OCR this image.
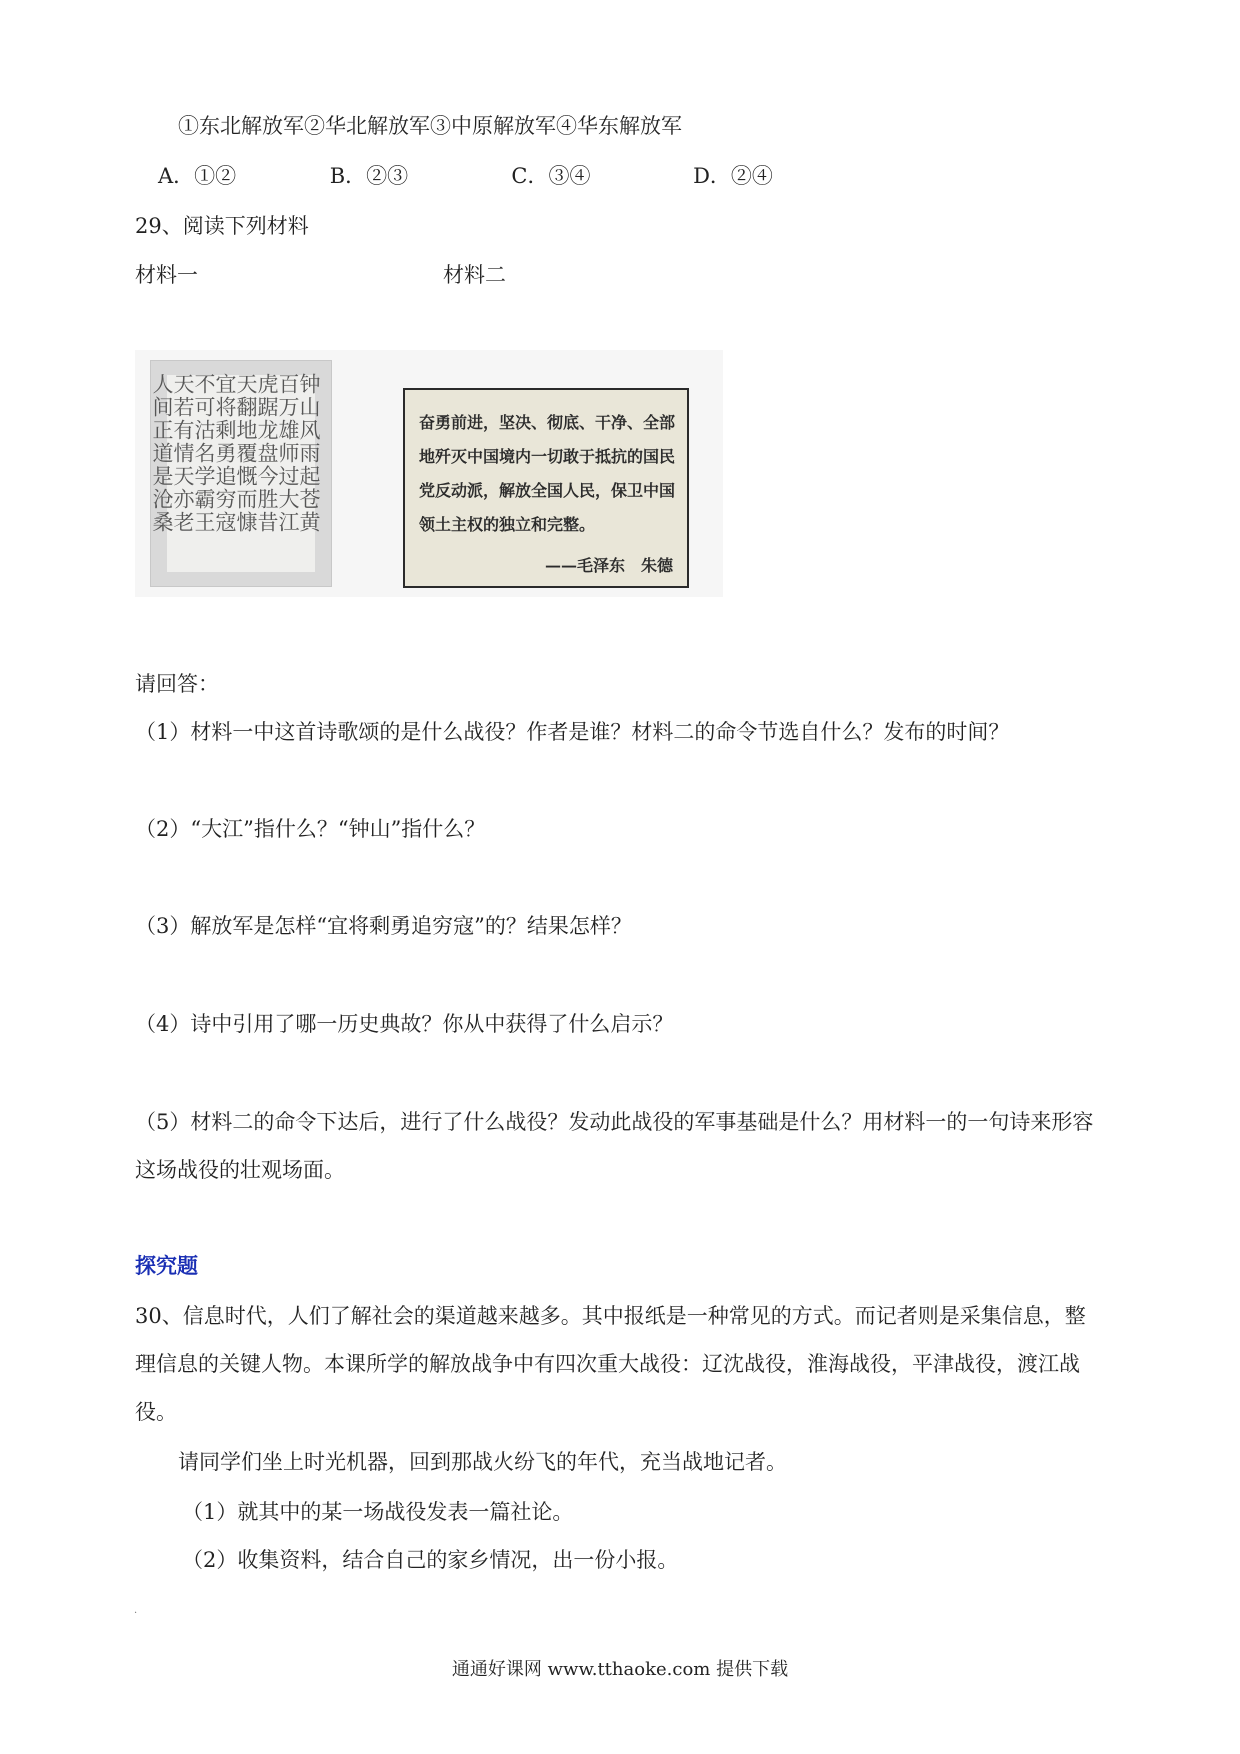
①东北解放军②华北解放军③中原解放军④华东解放军
A．①②	B．②③	C．③④	D．②④
29、阅读下列材料
材料一	材料二
钟山风雨起苍黄
百万雄师过大江
虎踞龙盘今胜昔
天翻地覆慨而慷
宜将剩勇追穷寇
不可沽名学霸王
天若有情天亦老
人间正道是沧桑	奋勇前进，坚决、彻底、干净、全部地歼灭中国境内一切敢于抵抗的国民党反动派，解放全国人民，保卫中国领土主权的独立和完整。
——毛泽东　朱德
请回答：
（1）材料一中这首诗歌颂的是什么战役？作者是谁？材料二的命令节选自什么？发布的时间？
（2）“大江”指什么？“钟山”指什么？
（3）解放军是怎样“宜将剩勇追穷寇”的？结果怎样？
（4）诗中引用了哪一历史典故？你从中获得了什么启示？
（5）材料二的命令下达后，进行了什么战役？发动此战役的军事基础是什么？用材料一的一句诗来形容
这场战役的壮观场面。
探究题
30、信息时代，人们了解社会的渠道越来越多。其中报纸是一种常见的方式。而记者则是采集信息，整
理信息的关键人物。本课所学的解放战争中有四次重大战役：辽沈战役，淮海战役，平津战役，渡江战
役。
请同学们坐上时光机器，回到那战火纷飞的年代，充当战地记者。
（1）就其中的某一场战役发表一篇社论。
（2）收集资料，结合自己的家乡情况，出一份小报。
.
通通好课网 www.tthaoke.com 提供下载
